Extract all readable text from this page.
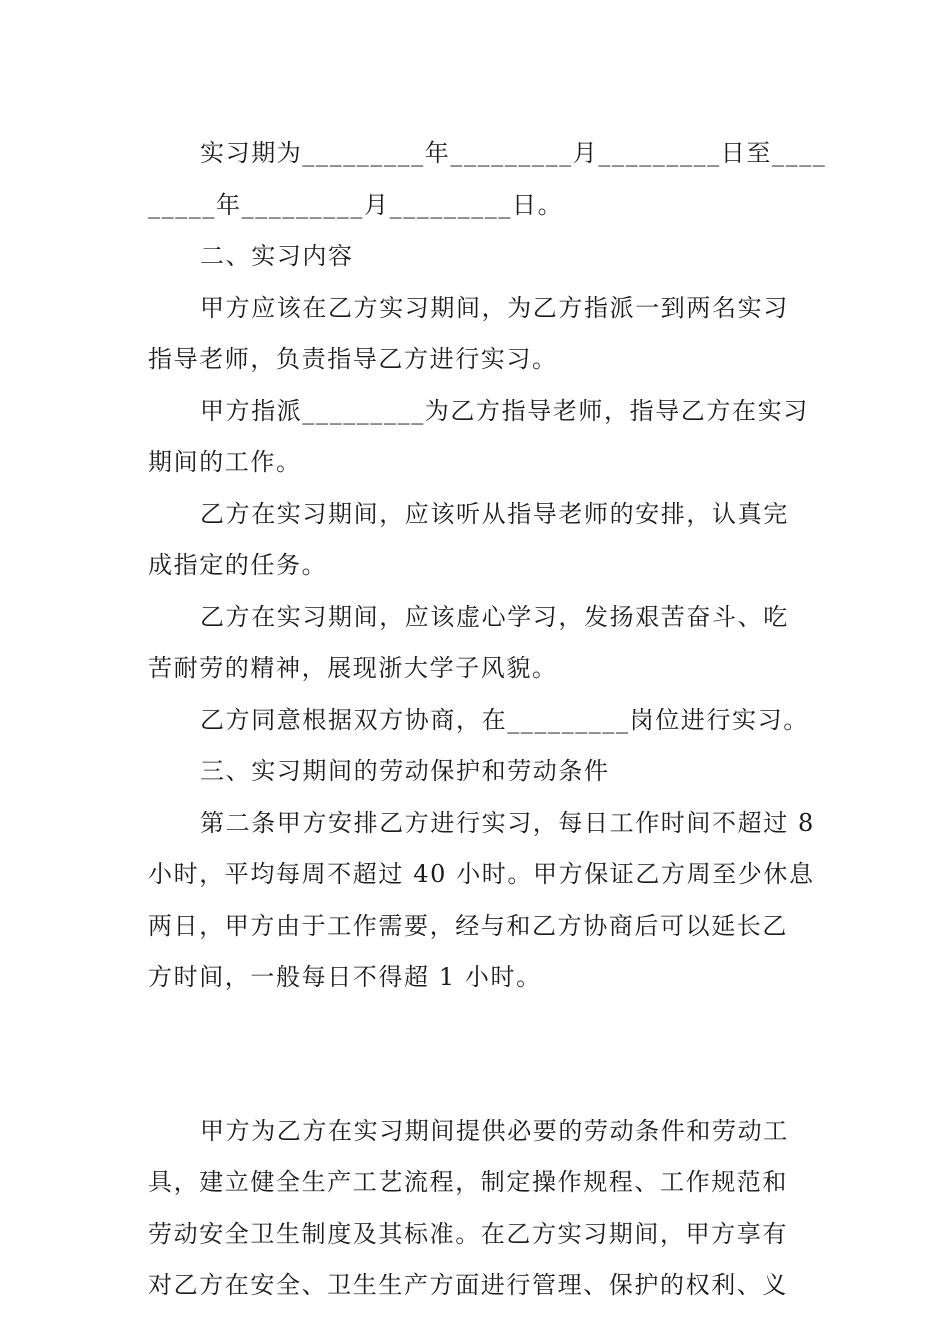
实习期为_________年_________月_________日至____
_____年_________月_________日。
二、实习内容
甲方应该在乙方实习期间，为乙方指派一到两名实习
指导老师，负责指导乙方进行实习。
甲方指派_________为乙方指导老师，指导乙方在实习
期间的工作。
乙方在实习期间，应该听从指导老师的安排，认真完
成指定的任务。
乙方在实习期间，应该虚心学习，发扬艰苦奋斗、吃
苦耐劳的精神，展现浙大学子风貌。
乙方同意根据双方协商，在_________岗位进行实习。
三、实习期间的劳动保护和劳动条件
第二条甲方安排乙方进行实习，每日工作时间不超过 8
小时，平均每周不超过 40 小时。甲方保证乙方周至少休息
两日，甲方由于工作需要，经与和乙方协商后可以延长乙
方时间，一般每日不得超 1 小时。
甲方为乙方在实习期间提供必要的劳动条件和劳动工
具，建立健全生产工艺流程，制定操作规程、工作规范和
劳动安全卫生制度及其标准。在乙方实习期间，甲方享有
对乙方在安全、卫生生产方面进行管理、保护的权利、义
